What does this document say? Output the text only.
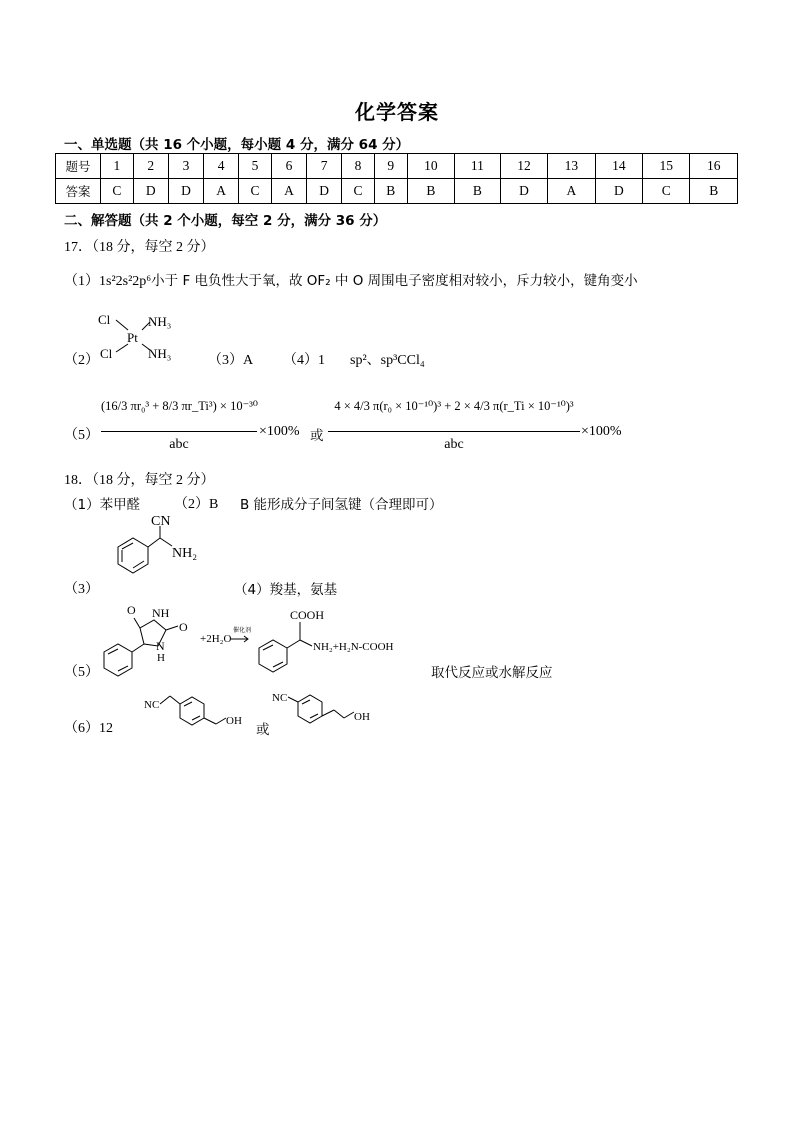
化学答案
一、单选题（共 16 个小题，每小题 4 分，满分 64 分）
题号	1	2	3	4	5	6	7	8	9	10	11	12	13	14	15	16
答案	C	D	D	A	C	A	D	C	B	B	B	D	A	D	C	B
二、解答题（共 2 个小题，每空 2 分，满分 36 分）
17．（18 分，每空 2 分）
（1）1s²2s²2p⁶小于 F 电负性大于氧，故 OF₂ 中 O 周围电子密度相对较小，斥力较小，键角变小
（2）
Cl	NH₃
Pt
Cl	NH₃	（3）A （4）1 sp²、sp³CCl₄
（5）
(16/3 πr₀³ + 8/3 πr_Ti³) × 10⁻³⁰
abc
×100% 或
4 × 4/3 π(r₀ × 10⁻¹⁰)³ + 2 × 4/3 π(r_Ti × 10⁻¹⁰)³
abc
×100%
18．（18 分，每空 2 分）
（1）苯甲醛 （2）B B 能形成分子间氢键（合理即可）
（3）
CN
NH₂
（4）羧基，氨基
（5）
O NH
O
N
H
+2H₂O
催化剂
COOH
NH₂+H₂N-COOH
取代反应或水解反应
（6）12
NC
OH
或
NC
OH
